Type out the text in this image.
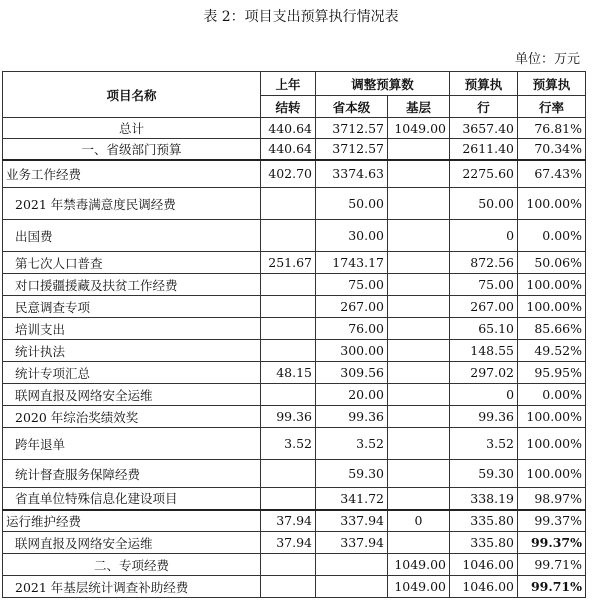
表 2：项目支出预算执行情况表
单位：万元
项目名称	上年	调整预算数		预算执	预算执
	结转	省本级	基层	行	行率
总计	440.64	3712.57	1049.00	3657.40	76.81%
一、省级部门预算	440.64	3712.57		2611.40	70.34%
业务工作经费	402.70	3374.63		2275.60	67.43%
2021 年禁毒满意度民调经费		50.00		50.00	100.00%
出国费		30.00		0	0.00%
第七次人口普查	251.67	1743.17		872.56	50.06%
对口援疆援藏及扶贫工作经费		75.00		75.00	100.00%
民意调查专项		267.00		267.00	100.00%
培训支出		76.00		65.10	85.66%
统计执法		300.00		148.55	49.52%
统计专项汇总	48.15	309.56		297.02	95.95%
联网直报及网络安全运维		20.00		0	0.00%
2020 年综治奖绩效奖	99.36	99.36		99.36	100.00%
跨年退单	3.52	3.52		3.52	100.00%
统计督查服务保障经费		59.30		59.30	100.00%
省直单位特殊信息化建设项目		341.72		338.19	98.97%
运行维护经费	37.94	337.94	0	335.80	99.37%
联网直报及网络安全运维	37.94	337.94		335.80	99.37%
二、专项经费			1049.00	1046.00	99.71%
2021 年基层统计调查补助经费			1049.00	1046.00	99.71%
